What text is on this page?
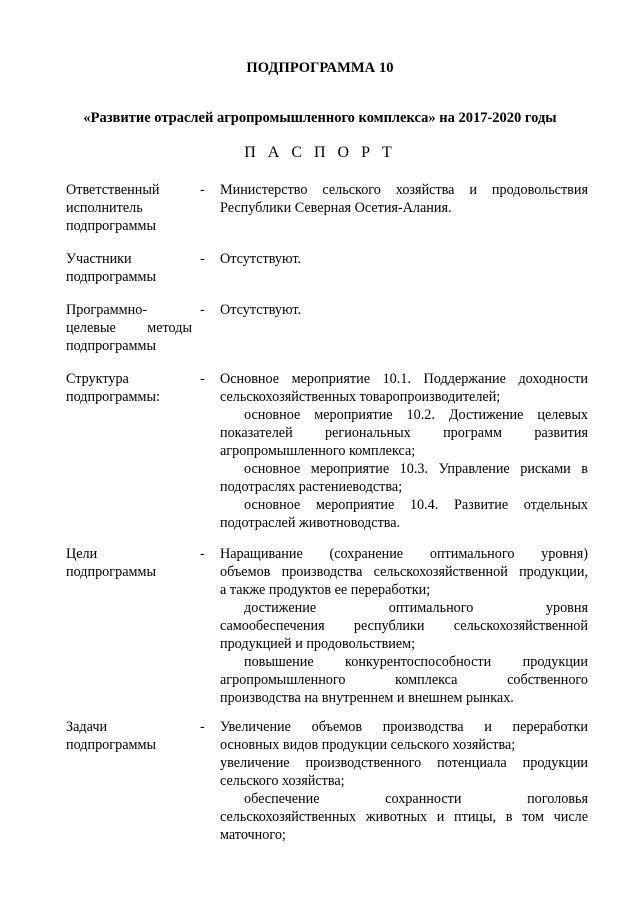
ПОДПРОГРАММА 10
«Развитие отраслей агропромышленного комплекса» на 2017-2020 годы
П А С П О Р Т
Ответственный
исполнитель
подпрограммы
- Министерство сельского хозяйства и продовольствия
Республики Северная Осетия-Алания.
Участники
подпрограммы
- Отсутствуют.
Программно-
целевые методы
подпрограммы
- Отсутствуют.
Структура
подпрограммы:
- Основное мероприятие 10.1. Поддержание доходности
сельскохозяйственных товаропроизводителей;
основное мероприятие 10.2. Достижение целевых
показателей региональных программ развития
агропромышленного комплекса;
основное мероприятие 10.3. Управление рисками в
подотраслях растениеводства;
основное мероприятие 10.4. Развитие отдельных
подотраслей животноводства.
Цели
подпрограммы
- Наращивание (сохранение оптимального уровня)
объемов производства сельскохозяйственной продукции,
а также продуктов ее переработки;
достижение оптимального уровня
самообеспечения республики сельскохозяйственной
продукцией и продовольствием;
повышение конкурентоспособности продукции
агропромышленного комплекса собственного
производства на внутреннем и внешнем рынках.
Задачи
подпрограммы
- Увеличение объемов производства и переработки
основных видов продукции сельского хозяйства;
увеличение производственного потенциала продукции
сельского хозяйства;
обеспечение сохранности поголовья
сельскохозяйственных животных и птицы, в том числе
маточного;
